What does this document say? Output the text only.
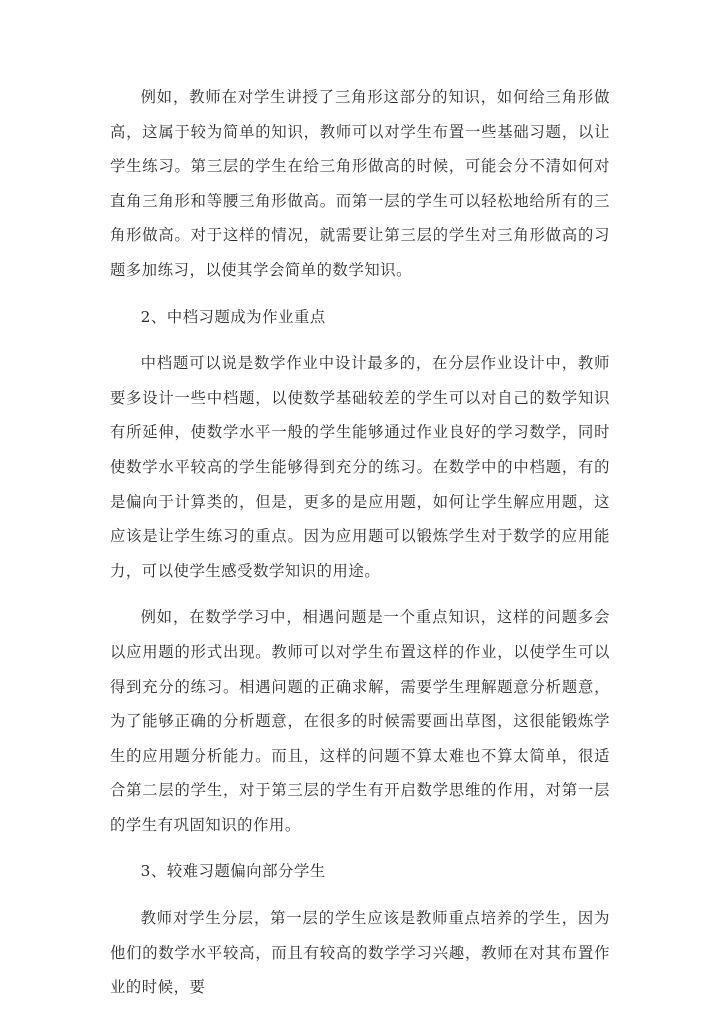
例如，教师在对学生讲授了三角形这部分的知识，如何给三角形做高，这属于较为简单的知识，教师可以对学生布置一些基础习题，以让学生练习。第三层的学生在给三角形做高的时候，可能会分不清如何对直角三角形和等腰三角形做高。而第一层的学生可以轻松地给所有的三角形做高。对于这样的情况，就需要让第三层的学生对三角形做高的习题多加练习，以使其学会简单的数学知识。

2、中档习题成为作业重点

中档题可以说是数学作业中设计最多的，在分层作业设计中，教师要多设计一些中档题，以使数学基础较差的学生可以对自己的数学知识有所延伸，使数学水平一般的学生能够通过作业良好的学习数学，同时使数学水平较高的学生能够得到充分的练习。在数学中的中档题，有的是偏向于计算类的，但是，更多的是应用题，如何让学生解应用题，这应该是让学生练习的重点。因为应用题可以锻炼学生对于数学的应用能力，可以使学生感受数学知识的用途。

例如，在数学学习中，相遇问题是一个重点知识，这样的问题多会以应用题的形式出现。教师可以对学生布置这样的作业，以使学生可以得到充分的练习。相遇问题的正确求解，需要学生理解题意分析题意，为了能够正确的分析题意，在很多的时候需要画出草图，这很能锻炼学生的应用题分析能力。而且，这样的问题不算太难也不算太简单，很适合第二层的学生，对于第三层的学生有开启数学思维的作用，对第一层的学生有巩固知识的作用。

3、较难习题偏向部分学生

教师对学生分层，第一层的学生应该是教师重点培养的学生，因为他们的数学水平较高，而且有较高的数学学习兴趣，教师在对其布置作业的时候，要
